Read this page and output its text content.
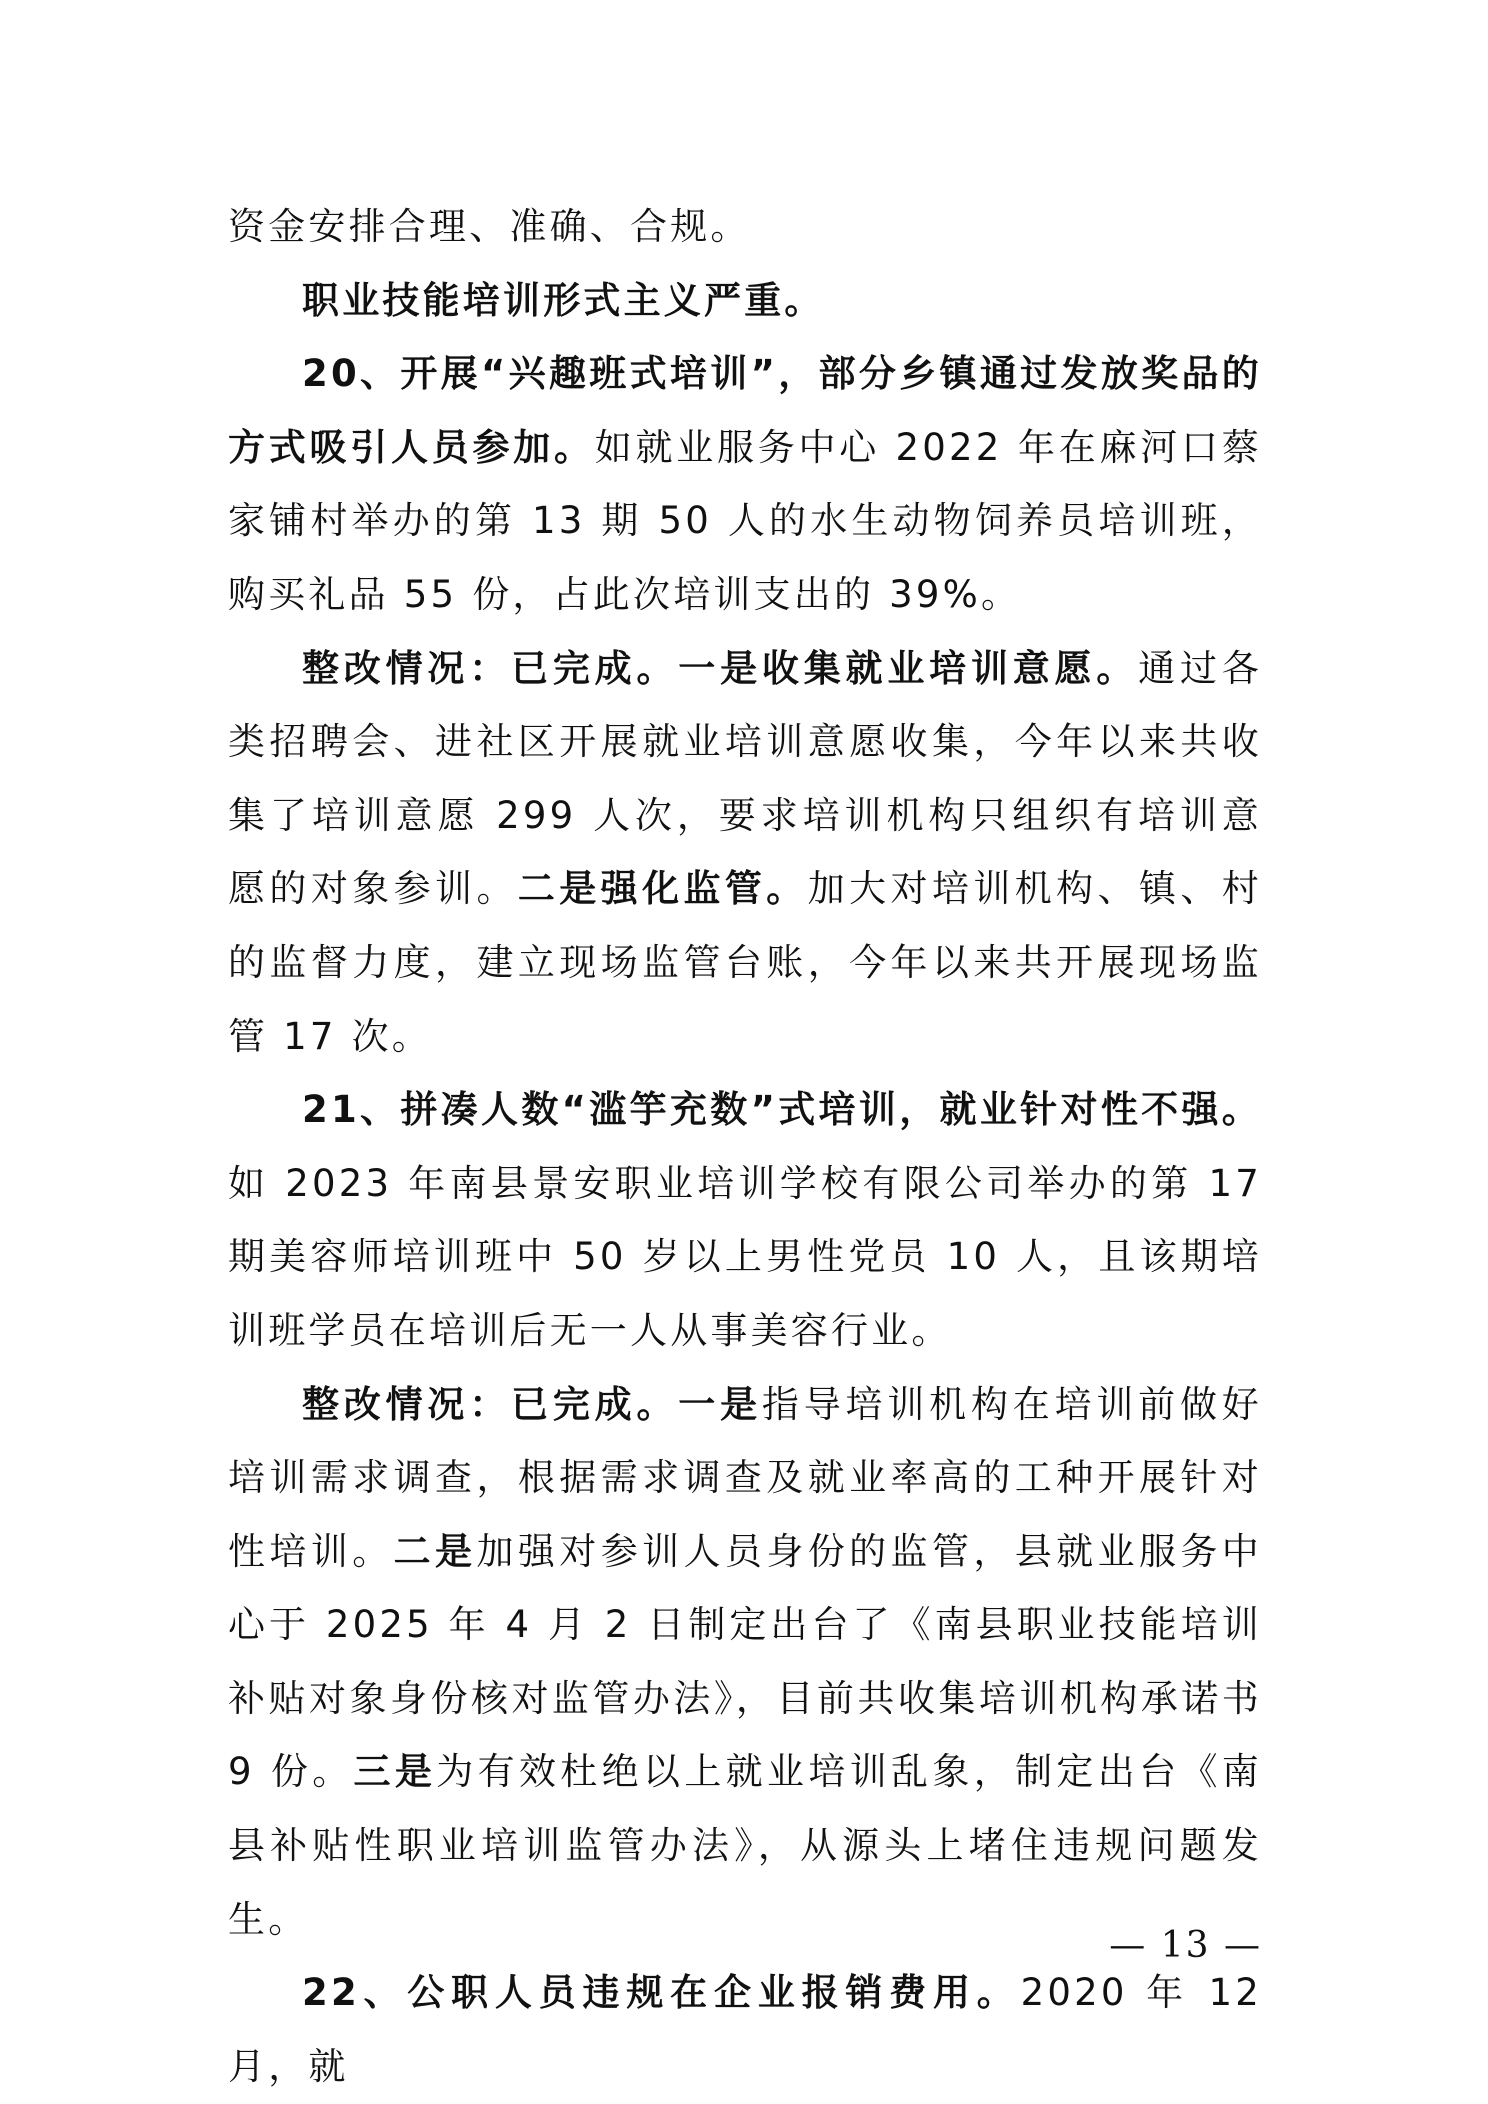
资金安排合理、准确、合规。

职业技能培训形式主义严重。

20、开展“兴趣班式培训”，部分乡镇通过发放奖品的方式吸引人员参加。如就业服务中心 2022 年在麻河口蔡家铺村举办的第 13 期 50 人的水生动物饲养员培训班，购买礼品 55 份，占此次培训支出的 39%。

整改情况：已完成。一是收集就业培训意愿。通过各类招聘会、进社区开展就业培训意愿收集，今年以来共收集了培训意愿 299 人次，要求培训机构只组织有培训意愿的对象参训。二是强化监管。加大对培训机构、镇、村的监督力度，建立现场监管台账，今年以来共开展现场监管 17 次。

21、拼凑人数“滥竽充数”式培训，就业针对性不强。如 2023 年南县景安职业培训学校有限公司举办的第 17 期美容师培训班中 50 岁以上男性党员 10 人，且该期培训班学员在培训后无一人从事美容行业。

整改情况：已完成。一是指导培训机构在培训前做好培训需求调查，根据需求调查及就业率高的工种开展针对性培训。二是加强对参训人员身份的监管，县就业服务中心于 2025 年 4 月 2 日制定出台了《南县职业技能培训补贴对象身份核对监管办法》，目前共收集培训机构承诺书 9 份。三是为有效杜绝以上就业培训乱象，制定出台《南县补贴性职业培训监管办法》，从源头上堵住违规问题发生。

22、公职人员违规在企业报销费用。2020 年 12 月，就

— 13 —
